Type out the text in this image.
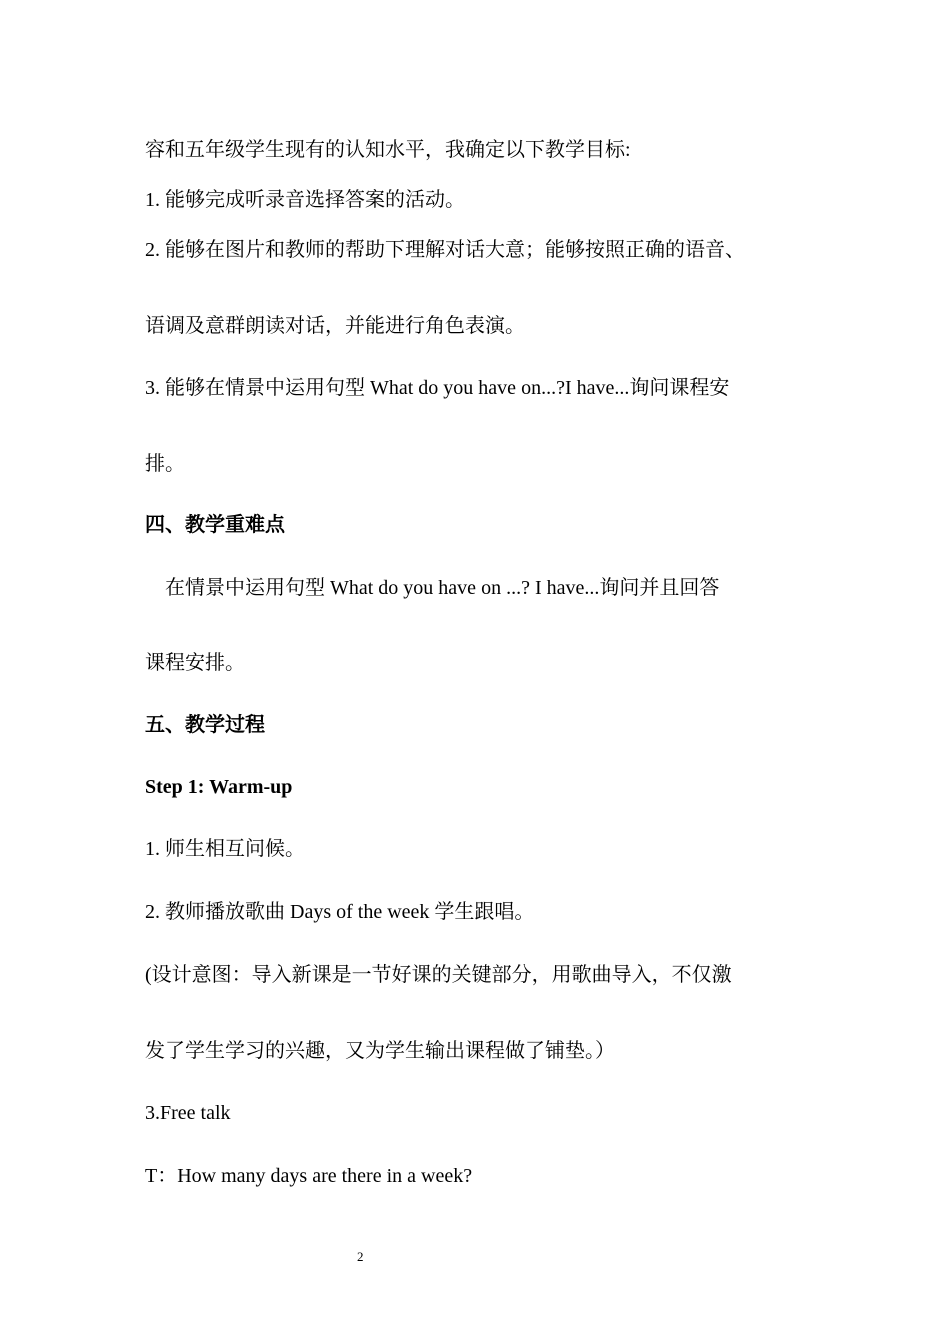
容和五年级学生现有的认知水平，我确定以下教学目标:
1. 能够完成听录音选择答案的活动。
2. 能够在图片和教师的帮助下理解对话大意；能够按照正确的语音、
语调及意群朗读对话，并能进行角色表演。
3. 能够在情景中运用句型 What do you have on...?I have...询问课程安
排。
四、教学重难点
在情景中运用句型 What do you have on ...? I have...询问并且回答
课程安排。
五、教学过程
Step 1: Warm-up
1. 师生相互问候。
2. 教师播放歌曲 Days of the week 学生跟唱。
(设计意图：导入新课是一节好课的关键部分，用歌曲导入，不仅激
发了学生学习的兴趣，又为学生输出课程做了铺垫。）
3.Free talk
T：How many days are there in a week?
2
